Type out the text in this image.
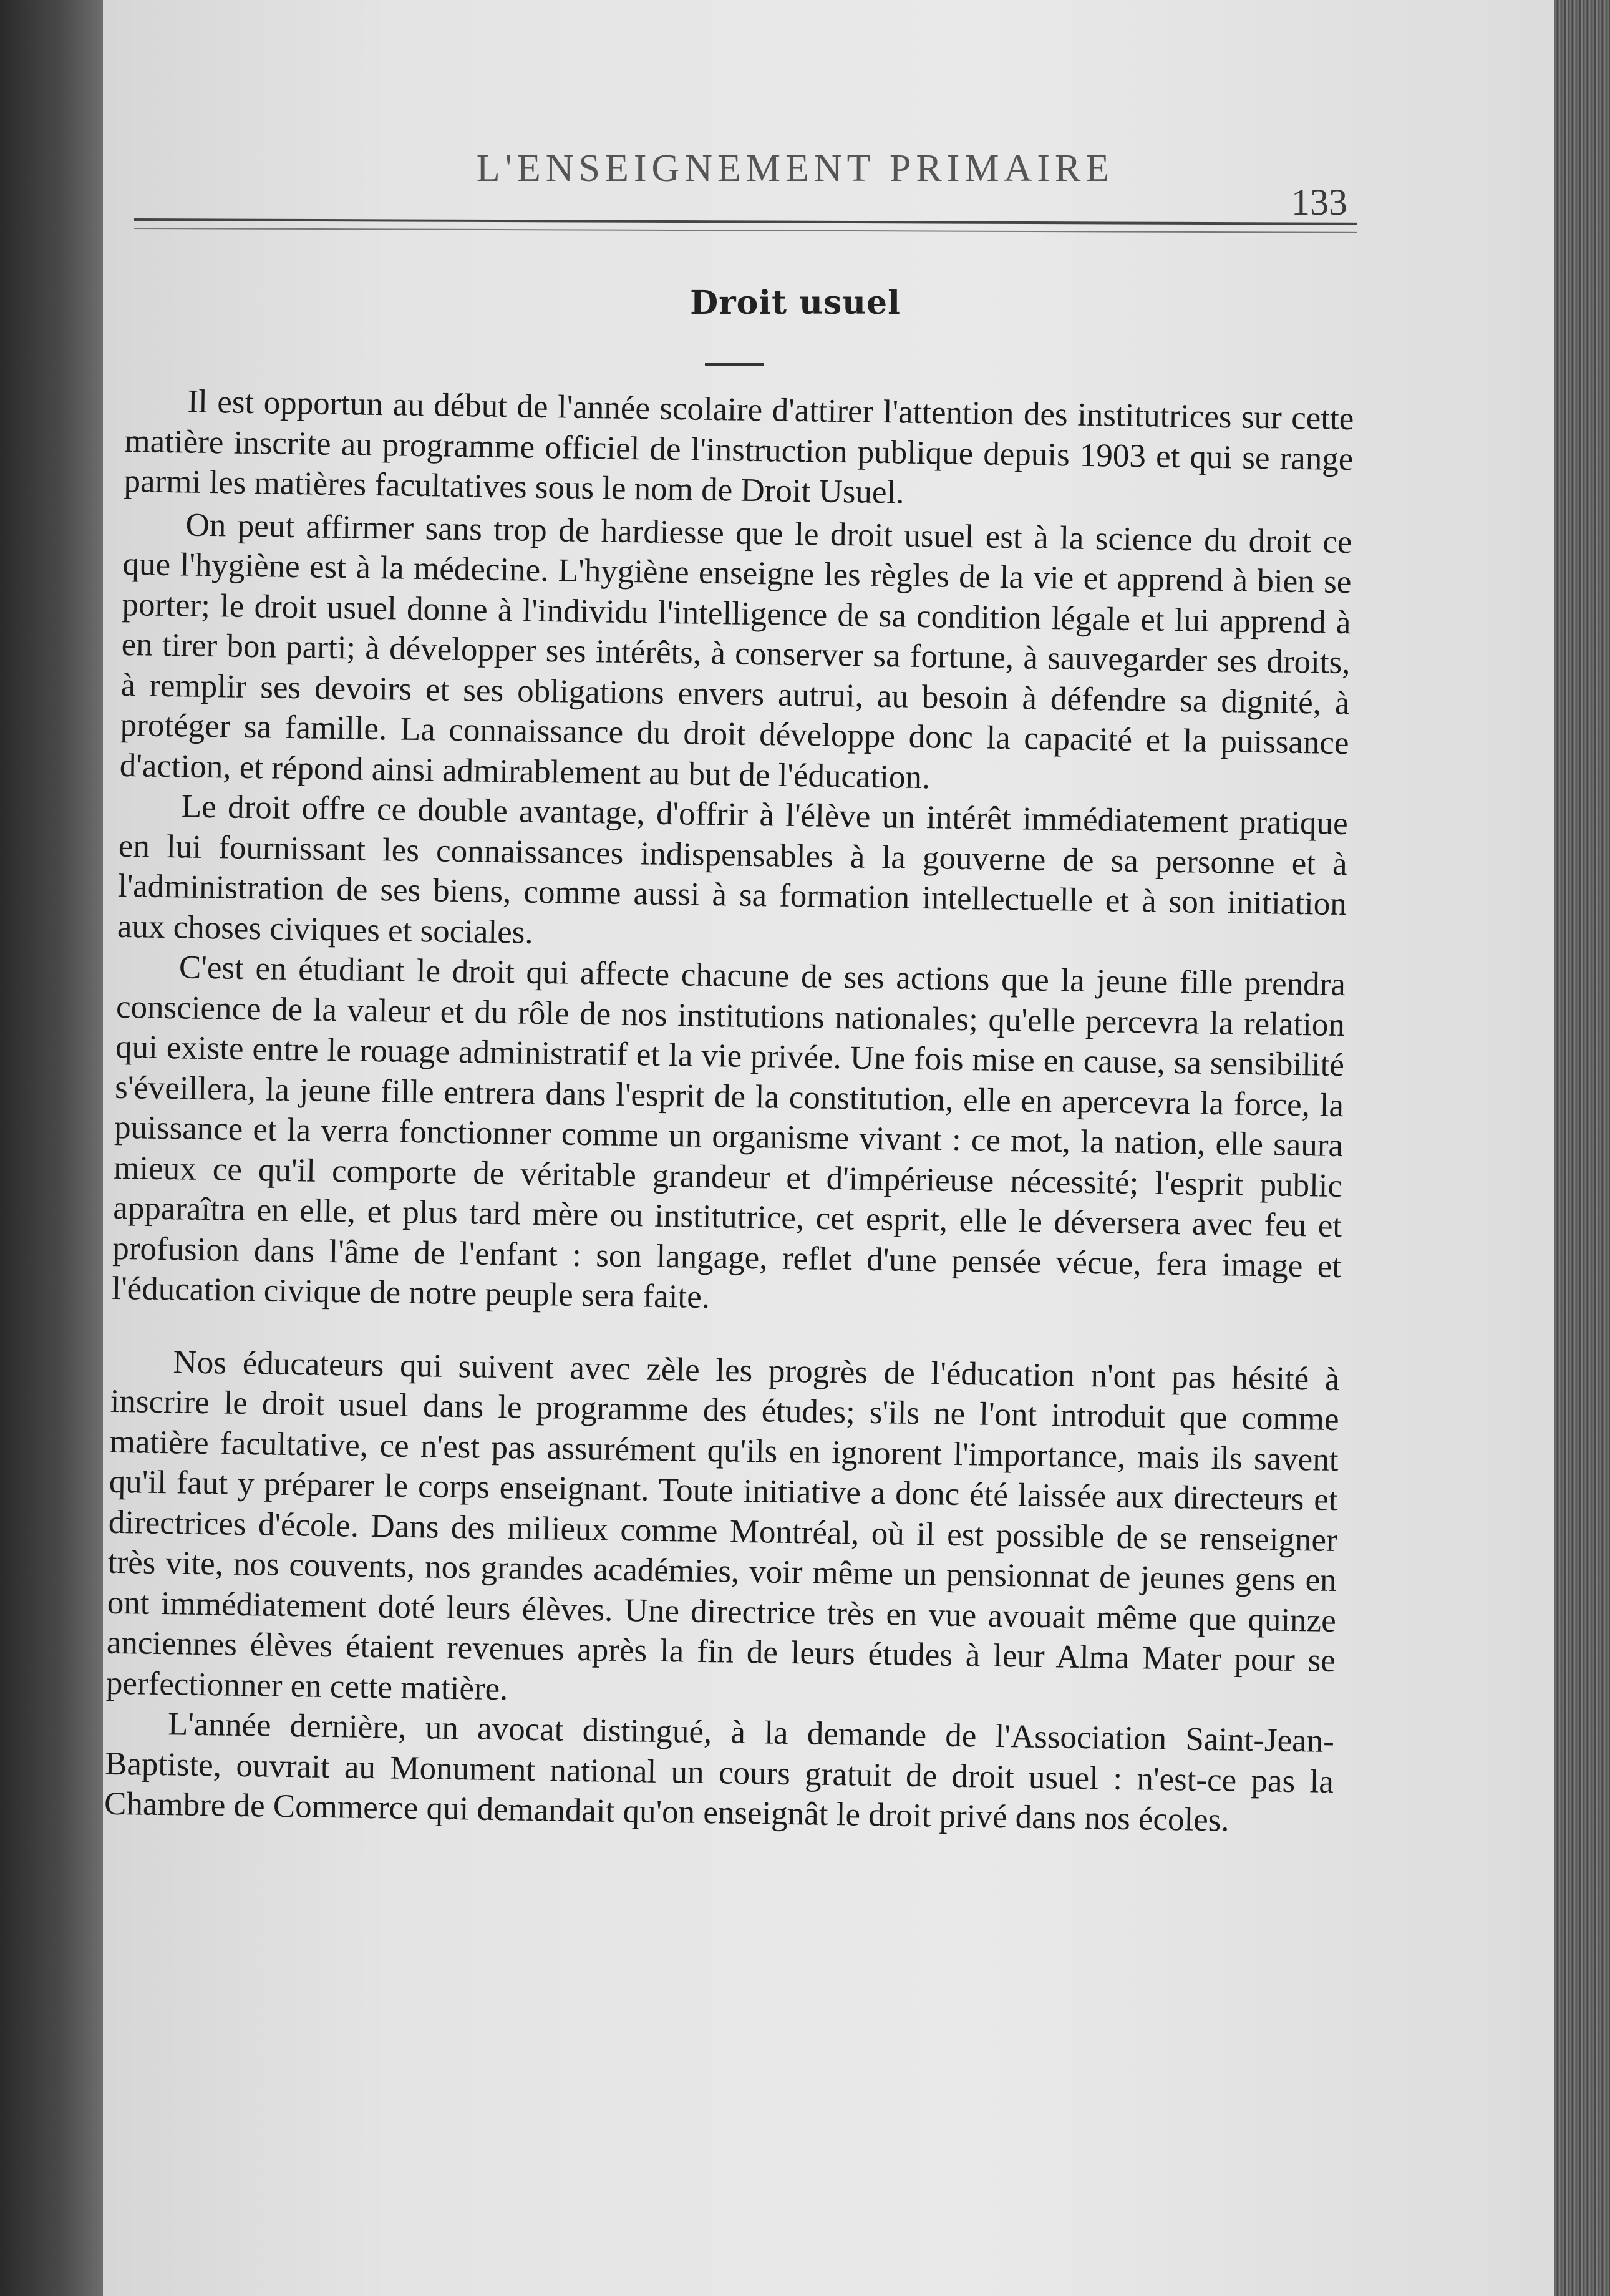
L'ENSEIGNEMENT PRIMAIRE
133
Droit usuel

Il est opportun au début de l'année scolaire d'attirer l'attention des institutrices sur cette matière inscrite au programme officiel de l'instruction publique depuis 1903 et qui se range parmi les matières facultatives sous le nom de Droit Usuel.

On peut affirmer sans trop de hardiesse que le droit usuel est à la science du droit ce que l'hygiène est à la médecine. L'hygiène enseigne les règles de la vie et apprend à bien se porter; le droit usuel donne à l'individu l'intelligence de sa condition légale et lui apprend à en tirer bon parti; à développer ses intérêts, à conserver sa fortune, à sauvegarder ses droits, à remplir ses devoirs et ses obligations envers autrui, au besoin à défendre sa dignité, à protéger sa famille. La connaissance du droit développe donc la capacité et la puissance d'action, et répond ainsi admirablement au but de l'éducation.

Le droit offre ce double avantage, d'offrir à l'élève un intérêt immédiatement pratique en lui fournissant les connaissances indispensables à la gouverne de sa personne et à l'administration de ses biens, comme aussi à sa formation intellectuelle et à son initiation aux choses civiques et sociales.

C'est en étudiant le droit qui affecte chacune de ses actions que la jeune fille prendra conscience de la valeur et du rôle de nos institutions nationales; qu'elle percevra la relation qui existe entre le rouage administratif et la vie privée. Une fois mise en cause, sa sensibilité s'éveillera, la jeune fille entrera dans l'esprit de la constitution, elle en apercevra la force, la puissance et la verra fonctionner comme un organisme vivant : ce mot, la nation, elle saura mieux ce qu'il comporte de véritable grandeur et d'impérieuse nécessité; l'esprit public apparaîtra en elle, et plus tard mère ou institutrice, cet esprit, elle le déversera avec feu et profusion dans l'âme de l'enfant : son langage, reflet d'une pensée vécue, fera image et l'éducation civique de notre peuple sera faite.

Nos éducateurs qui suivent avec zèle les progrès de l'éducation n'ont pas hésité à inscrire le droit usuel dans le programme des études; s'ils ne l'ont introduit que comme matière facultative, ce n'est pas assurément qu'ils en ignorent l'importance, mais ils savent qu'il faut y préparer le corps enseignant. Toute initiative a donc été laissée aux directeurs et directrices d'école. Dans des milieux comme Montréal, où il est possible de se renseigner très vite, nos couvents, nos grandes académies, voir même un pensionnat de jeunes gens en ont immédiatement doté leurs élèves. Une directrice très en vue avouait même que quinze anciennes élèves étaient revenues après la fin de leurs études à leur Alma Mater pour se perfectionner en cette matière.

L'année dernière, un avocat distingué, à la demande de l'Association Saint-Jean-Baptiste, ouvrait au Monument national un cours gratuit de droit usuel : n'est-ce pas la Chambre de Commerce qui demandait qu'on enseignât le droit privé dans nos écoles.
